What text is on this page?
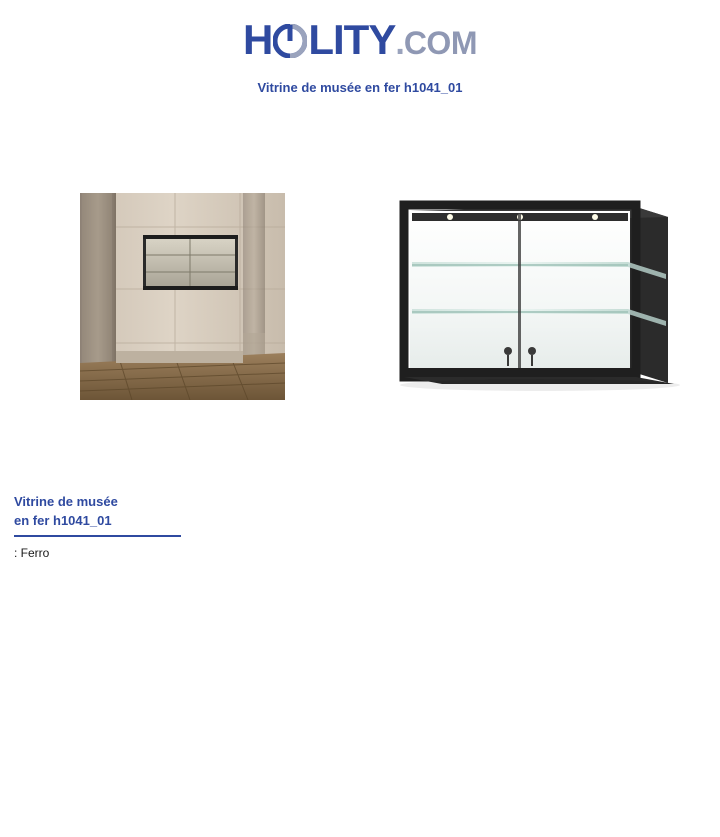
H LITY.COM
Vitrine de musée en fer h1041_01
Vitrine de musée
en fer h1041_01
: Ferro
